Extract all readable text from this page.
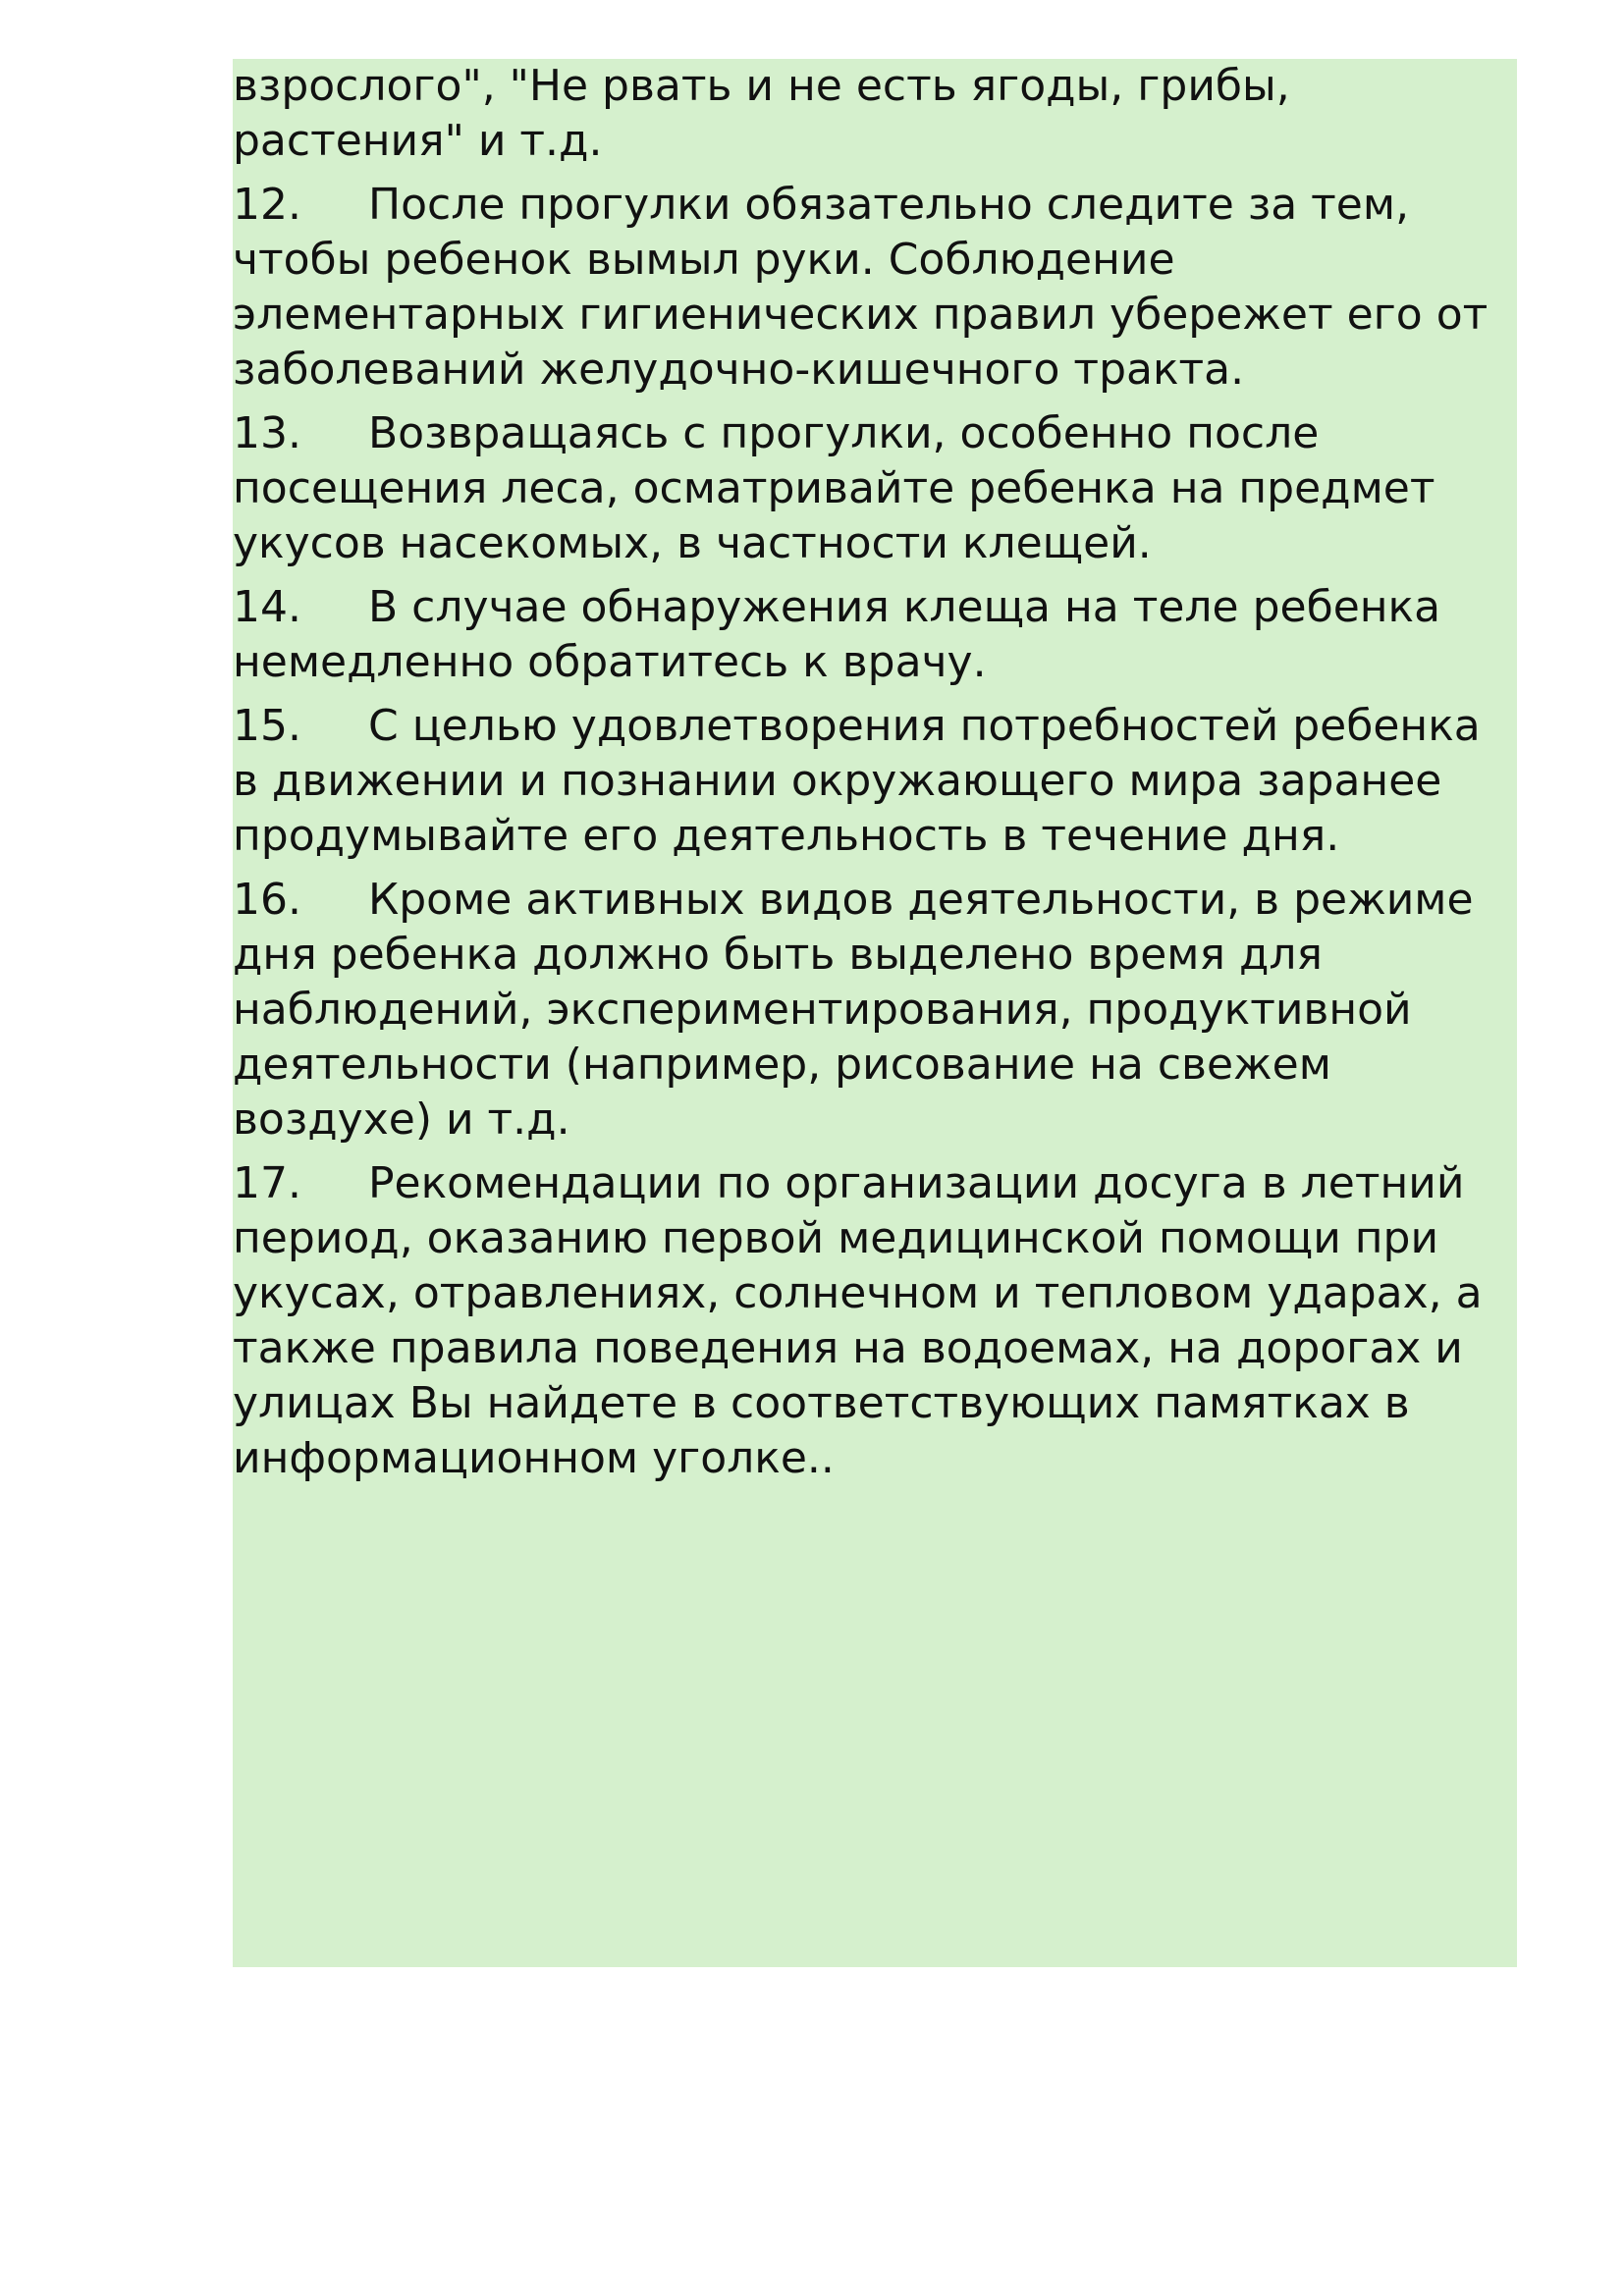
взрослого", "Не рвать и не есть ягоды, грибы, растения" и т.д.

12. После прогулки обязательно следите за тем, чтобы ребенок вымыл руки. Соблюдение элементарных гигиенических правил убережет его от заболеваний желудочно-кишечного тракта.

13. Возвращаясь с прогулки, особенно после посещения леса, осматривайте ребенка на предмет укусов насекомых, в частности клещей.

14. В случае обнаружения клеща на теле ребенка немедленно обратитесь к врачу.

15. С целью удовлетворения потребностей ребенка в движении и познании окружающего мира заранее продумывайте его деятельность в течение дня.

16. Кроме активных видов деятельности, в режиме дня ребенка должно быть выделено время для наблюдений, экспериментирования, продуктивной деятельности (например, рисование на свежем воздухе) и т.д.

17. Рекомендации по организации досуга в летний период, оказанию первой медицинской помощи при укусах, отравлениях, солнечном и тепловом ударах, а также правила поведения на водоемах, на дорогах и улицах Вы найдете в соответствующих памятках в информационном уголке..
